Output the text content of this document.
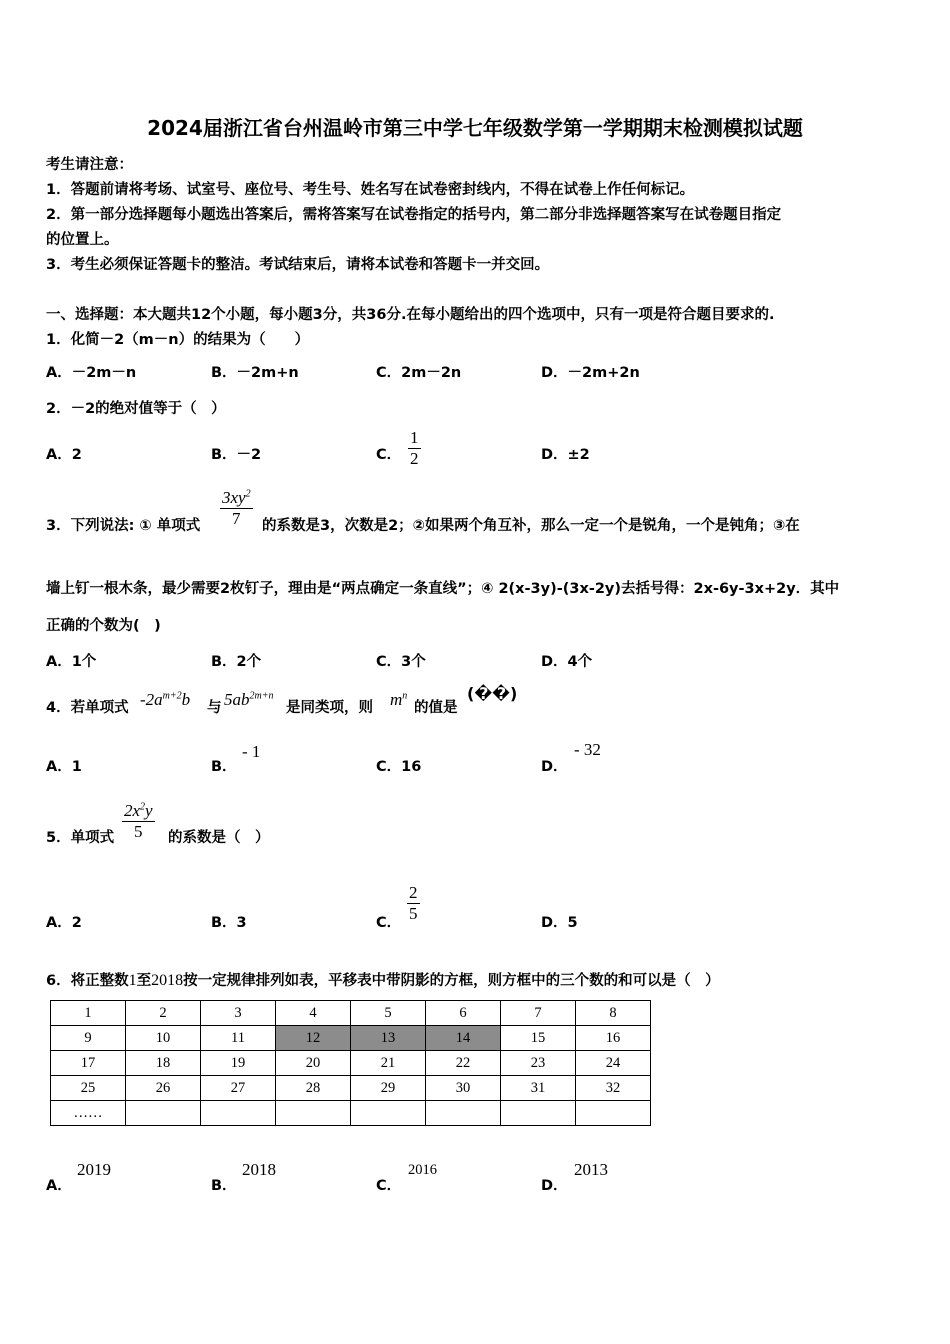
2024届浙江省台州温岭市第三中学七年级数学第一学期期末检测模拟试题
考生请注意：
1．答题前请将考场、试室号、座位号、考生号、姓名写在试卷密封线内，不得在试卷上作任何标记。
2．第一部分选择题每小题选出答案后，需将答案写在试卷指定的括号内，第二部分非选择题答案写在试卷题目指定
的位置上。
3．考生必须保证答题卡的整洁。考试结束后，请将本试卷和答题卡一并交回。
一、选择题：本大题共12个小题，每小题3分，共36分.在每小题给出的四个选项中，只有一项是符合题目要求的.
1．化简－2（m－n）的结果为（　　）
A．－2m－n	B．－2m+n	C．2m－2n	D．－2m+2n
2．－2的绝对值等于（　）
A．2	B．－2	C．
1
2	D．±2
3．下列说法: ① 单项式
$3xy^2$
7 的系数是3，次数是2；②如果两个角互补，那么一定一个是锐角，一个是钝角；③在
墙上钉一根木条，最少需要2枚钉子，理由是“两点确定一条直线”；④ 2(x-3y)-(3x-2y)去括号得：2x-6y-3x+2y．其中
正确的个数为(　)
A．1个	B．2个	C．3个	D．4个
4．若单项式 $-2a^{m+2}b$ 与 $5ab^{2m+n}$
是同类项，则 $m^n$
的值是
(��)
A．1	B．
- 1
C．16	D．
- 32
5．单项式
$2x^2y$
5 的系数是（　）
A．2	B．3	C．
2
5
D．5
6．将正整数1至2018按一定规律排列如表，平移表中带阴影的方框，则方框中的三个数的和可以是（　）
1	2	3	4	5	6	7	8
9	10	11	12	13	14	15	16
17	18	19	20	21	22	23	24
25	26	27	28	29	30	31	32
……							
A．
2019
B．
2018
C．
2016
D．
2013
